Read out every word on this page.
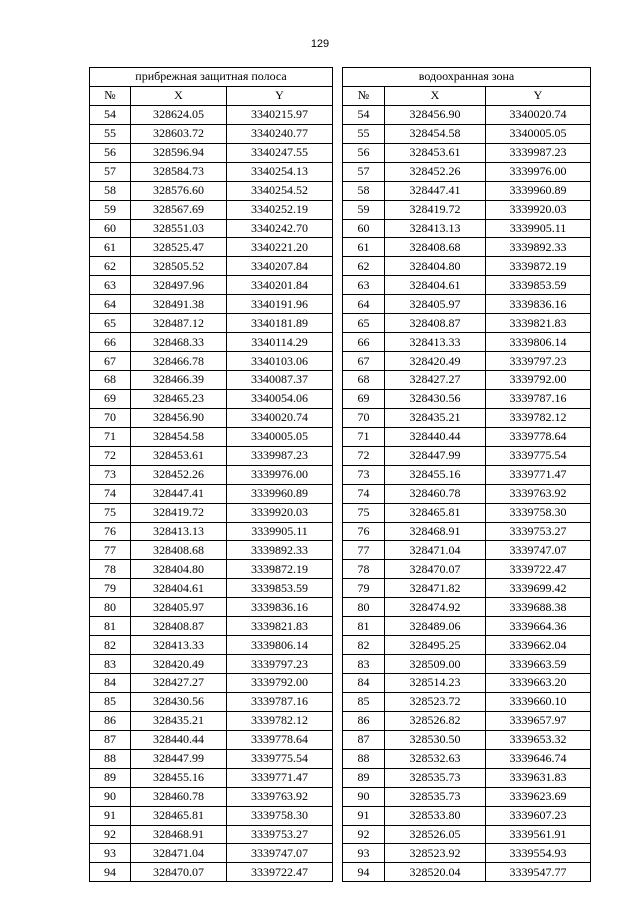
129
прибрежная защитная полоса		
№	X	Y
54	328624.05	3340215.97
55	328603.72	3340240.77
56	328596.94	3340247.55
57	328584.73	3340254.13
58	328576.60	3340254.52
59	328567.69	3340252.19
60	328551.03	3340242.70
61	328525.47	3340221.20
62	328505.52	3340207.84
63	328497.96	3340201.84
64	328491.38	3340191.96
65	328487.12	3340181.89
66	328468.33	3340114.29
67	328466.78	3340103.06
68	328466.39	3340087.37
69	328465.23	3340054.06
70	328456.90	3340020.74
71	328454.58	3340005.05
72	328453.61	3339987.23
73	328452.26	3339976.00
74	328447.41	3339960.89
75	328419.72	3339920.03
76	328413.13	3339905.11
77	328408.68	3339892.33
78	328404.80	3339872.19
79	328404.61	3339853.59
80	328405.97	3339836.16
81	328408.87	3339821.83
82	328413.33	3339806.14
83	328420.49	3339797.23
84	328427.27	3339792.00
85	328430.56	3339787.16
86	328435.21	3339782.12
87	328440.44	3339778.64
88	328447.99	3339775.54
89	328455.16	3339771.47
90	328460.78	3339763.92
91	328465.81	3339758.30
92	328468.91	3339753.27
93	328471.04	3339747.07
94	328470.07	3339722.47
водоохранная зона		
№	X	Y
54	328456.90	3340020.74
55	328454.58	3340005.05
56	328453.61	3339987.23
57	328452.26	3339976.00
58	328447.41	3339960.89
59	328419.72	3339920.03
60	328413.13	3339905.11
61	328408.68	3339892.33
62	328404.80	3339872.19
63	328404.61	3339853.59
64	328405.97	3339836.16
65	328408.87	3339821.83
66	328413.33	3339806.14
67	328420.49	3339797.23
68	328427.27	3339792.00
69	328430.56	3339787.16
70	328435.21	3339782.12
71	328440.44	3339778.64
72	328447.99	3339775.54
73	328455.16	3339771.47
74	328460.78	3339763.92
75	328465.81	3339758.30
76	328468.91	3339753.27
77	328471.04	3339747.07
78	328470.07	3339722.47
79	328471.82	3339699.42
80	328474.92	3339688.38
81	328489.06	3339664.36
82	328495.25	3339662.04
83	328509.00	3339663.59
84	328514.23	3339663.20
85	328523.72	3339660.10
86	328526.82	3339657.97
87	328530.50	3339653.32
88	328532.63	3339646.74
89	328535.73	3339631.83
90	328535.73	3339623.69
91	328533.80	3339607.23
92	328526.05	3339561.91
93	328523.92	3339554.93
94	328520.04	3339547.77
